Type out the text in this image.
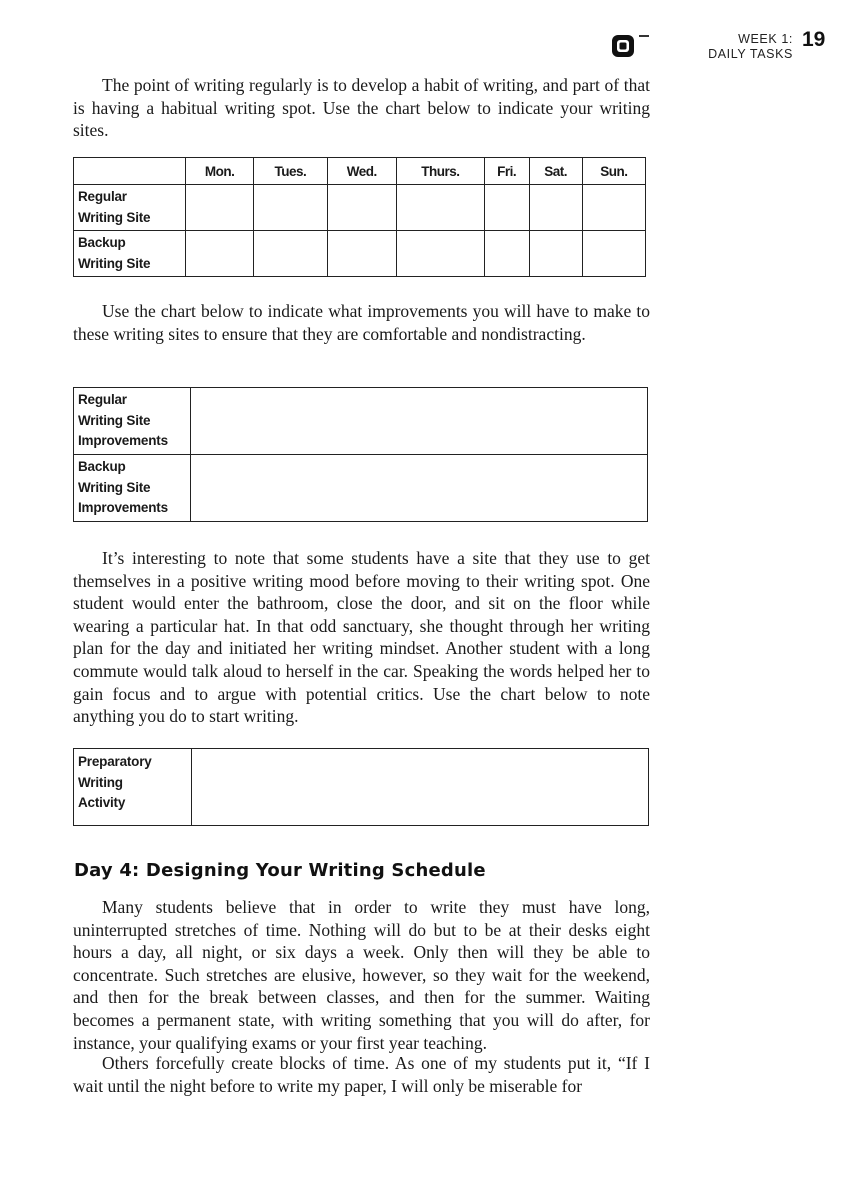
WEEK 1:
DAILY TASKS
19

The point of writing regularly is to develop a habit of writing, and part of that is having a habitual writing spot. Use the chart below to indicate your writing sites.

	Mon.	Tues.	Wed.	Thurs.	Fri.	Sat.	Sun.

Regular
Writing Site							

Backup
Writing Site							

Use the chart below to indicate what improvements you will have to make to these writing sites to ensure that they are comfortable and nondistracting.

Regular
Writing Site
Improvements	

Backup
Writing Site
Improvements	

It’s interesting to note that some students have a site that they use to get themselves in a positive writing mood before moving to their writing spot. One student would enter the bathroom, close the door, and sit on the floor while wearing a particular hat. In that odd sanctuary, she thought through her writing plan for the day and initiated her writing mindset. Another student with a long commute would talk aloud to herself in the car. Speaking the words helped her to gain focus and to argue with potential critics. Use the chart below to note anything you do to start writing.

Preparatory
Writing
Activity

Day 4: Designing Your Writing Schedule

Many students believe that in order to write they must have long, uninterrupted stretches of time. Nothing will do but to be at their desks eight hours a day, all night, or six days a week. Only then will they be able to concentrate. Such stretches are elusive, however, so they wait for the weekend, and then for the break between classes, and then for the summer. Waiting becomes a permanent state, with writing something that you will do after, for instance, your qualifying exams or your first year teaching.

Others forcefully create blocks of time. As one of my students put it, “If I wait until the night before to write my paper, I will only be miserable for
